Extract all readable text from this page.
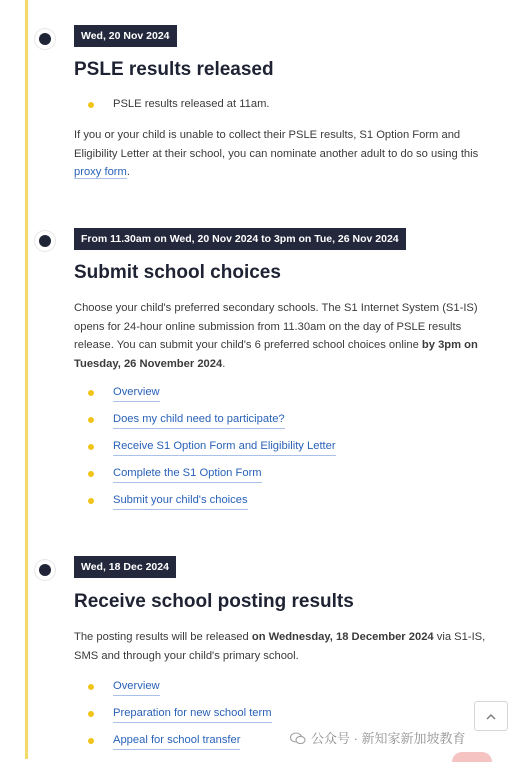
Wed, 20 Nov 2024
PSLE results released
PSLE results released at 11am.

If you or your child is unable to collect their PSLE results, S1 Option Form and Eligibility Letter at their school, you can nominate another adult to do so using this proxy form.

From 11.30am on Wed, 20 Nov 2024 to 3pm on Tue, 26 Nov 2024
Submit school choices

Choose your child's preferred secondary schools. The S1 Internet System (S1-IS) opens for 24-hour online submission from 11.30am on the day of PSLE results release. You can submit your child's 6 preferred school choices online by 3pm on Tuesday, 26 November 2024.

Overview
Does my child need to participate?
Receive S1 Option Form and Eligibility Letter
Complete the S1 Option Form
Submit your child's choices
Wed, 18 Dec 2024
Receive school posting results

The posting results will be released on Wednesday, 18 December 2024 via S1-IS, SMS and through your child's primary school.

Overview
Preparation for new school term
Appeal for school transfer	公众号 · 新知家新加坡教育
